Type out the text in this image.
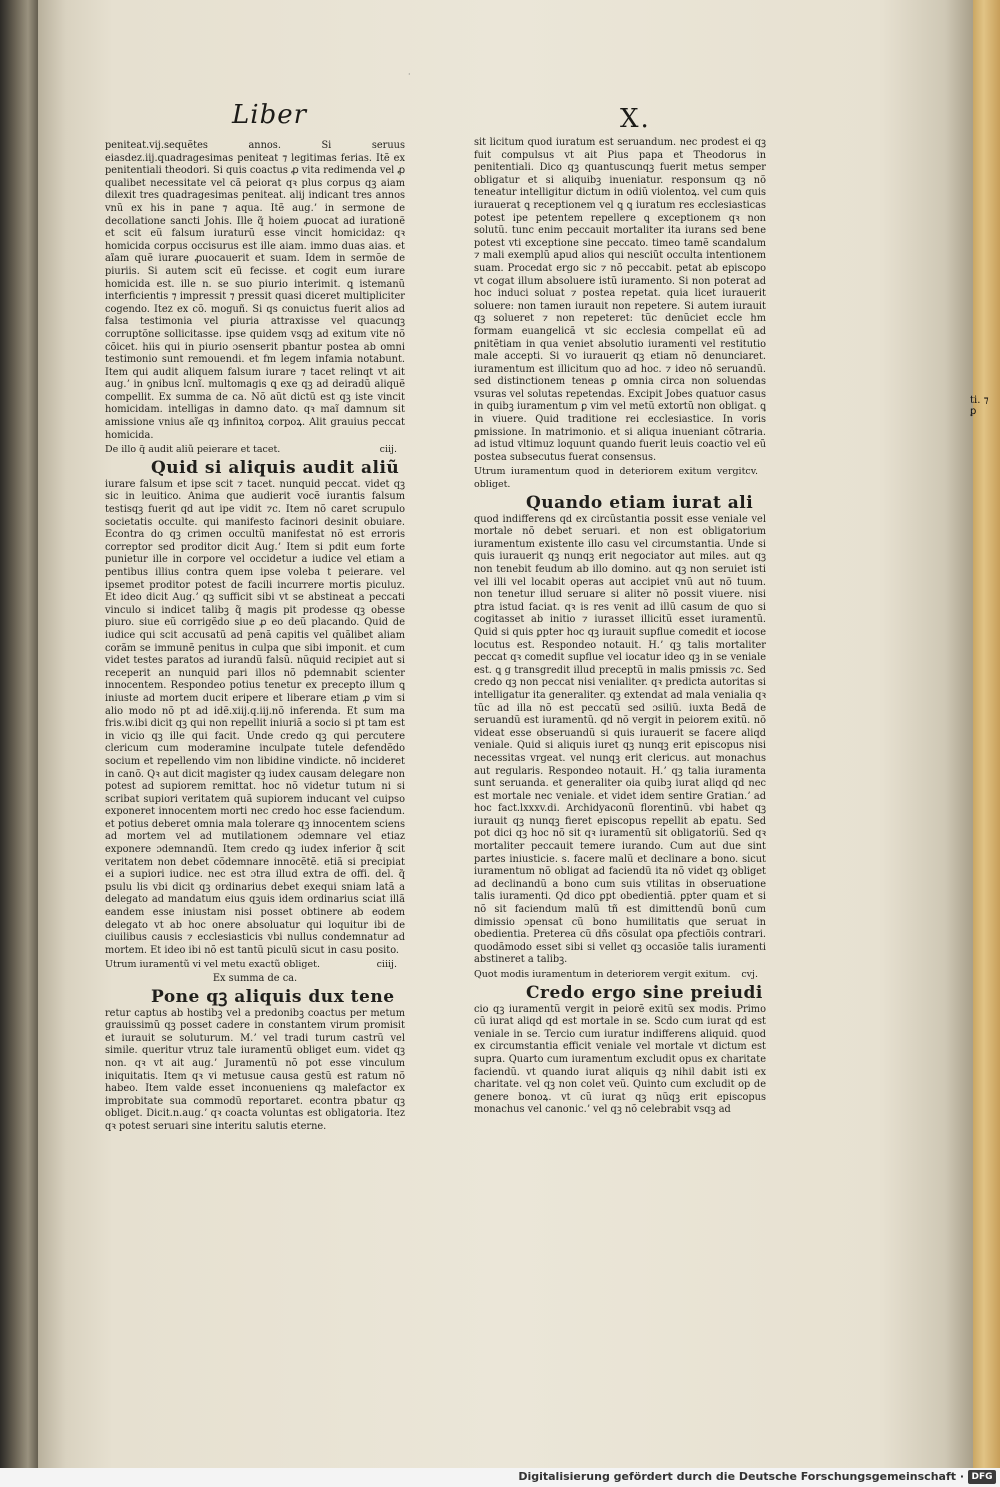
ti. ⁊ ꝑ
·
Liber	X.

peniteat.vij.sequẽtes annos. Si seruus eiasdez.iij.quadragesimas peniteat ⁊ legitimas ferias. Itẽ ex penitentiali theodori. Si quis coactus ꝓ vita redimenda vel ꝓ qualibet necessitate vel cã peiorat qꝛ plus corpus qꝫ aiam dilexit tres quadragesimas peniteat. alij indicant tres annos vnũ ex his in pane ⁊ aqua. Itẽ aug.ʼ in sermone de decollatione sancti Johis. Ille q̃ hoiem ꝓuocat ad iurationẽ et scit eũ falsum iuraturũ esse vincit homicidaz: qꝛ homicida corpus occisurus est ille aiam. immo duas aias. et aĩam quẽ iurare ꝓuocauerit et suam. Idem in sermõe de piuriis. Si autem scit eũ fecisse. et cogit eum iurare homicida est. ille n. se suo piurio interimit. ꝗ istemanũ interficientis ⁊ impressit ⁊ pressit quasi diceret multipliciter cogendo. Itez ex cõ. moguñ. Si qs conuictus fuerit alios ad falsa testimonia vel ꝑiuria attraxisse vel quacunqꝫ corruptõne sollicitasse. ipse quidem vsqꝫ ad exitum vite nõ cõicet. hiis qui in piurio ɔsenserit pbantur postea ab omni testimonio sunt remouendi. et fm legem infamia notabunt. Item qui audit aliquem falsum iurare ⁊ tacet relinqt vt ait aug.ʼ in ꝯnibus lcnĩ. multomagis ꝗ exe qꝫ ad deiradũ aliquẽ compellit. Ex summa de ca. Nõ aũt dictũ est qꝫ iste vincit homicidam. intelligas in damno dato. qꝛ maĩ damnum sit amissione vnius aĩe qꝫ infinitoꝝ corpoꝝ. Alit grauius peccat homicida.

De illo q̃ audit aliũ peierare et tacet.	ciij.
Quid si aliquis audit aliũ

iurare falsum et ipse scit ⁊ tacet. nunquid peccat. videt qꝫ sic in leuitico. Anima que audierit vocẽ iurantis falsum testisqꝫ fuerit qd aut ipe vidit ⁊c. Item nõ caret scrupulo societatis occulte. qui manifesto facinori desinit obuiare. Econtra do qꝫ crimen occultũ manifestat nõ est erroris correptor sed proditor dicit Aug.ʼ Item si pdit eum forte punietur ille in corpore vel occidetur a iudice vel etiam a pentibus illius contra quem ipse voleba t peierare. vel ipsemet proditor potest de facili incurrere mortis piculuz. Et ideo dicit Aug.ʼ qꝫ sufficit sibi vt se abstineat a peccati vinculo si indicet talibꝫ q̃ magis pit prodesse qꝫ obesse piuro. siue eũ corrigẽdo siue ꝓ eo deũ placando. Quid de iudice qui scit accusatũ ad penã capitis vel quãlibet aliam corãm se immunẽ penitus in culpa que sibi imponit. et cum videt testes paratos ad iurandũ falsũ. nũquid recipiet aut si receperit an nunquid pari illos nõ pdemnabit scienter innocentem. Respondeo potius tenetur ex precepto illum ꝗ iniuste ad mortem ducit eripere et liberare etiam ꝓ vim si alio modo nõ pt ad idẽ.xiij.q.iij.nõ inferenda. Et sum ma fris.w.ibi dicit qꝫ qui non repellit iniuriã a socio si pt tam est in vicio qꝫ ille qui facit. Unde credo qꝫ qui percutere clericum cum moderamine inculpate tutele defendẽdo socium et repellendo vim non libidine vindicte. nõ incideret in canõ. Qꝛ aut dicit magister qꝫ iudex causam delegare non potest ad supiorem remittat. hoc nõ videtur tutum ni si scribat supiori veritatem quã supiorem inducant vel cuipso exponeret innocentem morti nec credo hoc esse faciendum. et potius deberet omnia mala tolerare qꝫ innocentem sciens ad mortem vel ad mutilationem ɔdemnare vel etiaz exponere ɔdemnandũ. Item credo qꝫ iudex inferior q̃ scit veritatem non debet cõdemnare innocẽtẽ. etiã si precipiat ei a supiori iudice. nec est ɔtra illud extra de offi. del. q̃ psulu lis vbi dicit qꝫ ordinarius debet exequi sniam latã a delegato ad mandatum eius qꝫuis idem ordinarius sciat illã eandem esse iniustam nisi posset obtinere ab eodem delegato vt ab hoc onere absoluatur qui loquitur ibi de ciuilibus causis ⁊ ecclesiasticis vbi nullus condemnatur ad mortem. Et ideo ibi nõ est tantũ piculũ sicut in casu posito.

Utrum iuramentũ vi vel metu exactũ obliget.	ciiij.
Ex summa de ca.
Pone qꝫ aliquis dux tene

retur captus ab hostibꝫ vel a predonibꝫ coactus per metum grauissimũ qꝫ posset cadere in constantem virum promisit et iurauit se soluturum. M.ʼ vel tradi turum castrũ vel simile. queritur vtruz tale iuramentũ obliget eum. videt qꝫ non. qꝛ vt ait aug.ʼ Juramentũ nõ pot esse vinculum iniquitatis. Item qꝛ vi metusue causa gestũ est ratum nõ habeo. Item valde esset inconueniens qꝫ malefactor ex improbitate sua commodũ reportaret. econtra pbatur qꝫ obliget. Dicit.n.aug.ʼ qꝛ coacta voluntas est obligatoria. Itez qꝛ potest seruari sine interitu salutis eterne.

sit licitum quod iuratum est seruandum. nec prodest ei qꝫ fuit compulsus vt ait Pius papa et Theodorus in penitentiali. Dico qꝫ quantuscunqꝫ fuerit metus semper obligatur et si aliquibꝫ inueniatur. responsum qꝫ nõ teneatur intelligitur dictum in odiũ violentoꝝ. vel cum quis iurauerat ꝗ receptionem vel ꝗ ꝗ iuratum res ecclesiasticas potest ipe petentem repellere ꝗ exceptionem qꝛ non solutũ. tunc enim peccauit mortaliter ita iurans sed bene potest vti exceptione sine peccato. timeo tamẽ scandalum ⁊ mali exemplũ apud alios qui nesciũt occulta intentionem suam. Procedat ergo sic ⁊ nõ peccabit. petat ab episcopo vt cogat illum absoluere istũ iuramento. Si non poterat ad hoc induci soluat ⁊ postea repetat. quia licet iurauerit soluere: non tamen iurauit non repetere. Si autem iurauit qꝫ solueret ⁊ non repeteret: tũc denũciet eccle hm formam euangelicã vt sic ecclesia compellat eũ ad ꝑnitẽtiam in qua veniet absolutio iuramenti vel restitutio male accepti. Si vo iurauerit qꝫ etiam nõ denunciaret. iuramentum est illicitum quo ad hoc. ⁊ ideo nõ seruandũ. sed distinctionem teneas ꝑ omnia circa non soluendas vsuras vel solutas repetendas. Excipit Jobes quatuor casus in quibꝫ iuramentum ꝑ vim vel metũ extortũ non obligat. ꝗ in viuere. Quid traditione rei ecclesiastice. In voris ꝑmissione. In matrimonio. et si aliqua inueniant cõtraria. ad istud vltimuz loquunt quando fuerit leuis coactio vel eũ postea subsecutus fuerat consensus.

Utrum iuramentum quod in deteriorem exitum vergit obliget.
cv.
Quando etiam iurat ali

quod indifferens qd ex circũstantia possit esse veniale vel mortale nõ debet seruari. et non est obligatorium iuramentum existente illo casu vel circumstantia. Unde si quis iurauerit qꝫ nunqꝫ erit negociator aut miles. aut qꝫ non tenebit feudum ab illo domino. aut qꝫ non seruiet isti vel illi vel locabit operas aut accipiet vnũ aut nõ tuum. non tenetur illud seruare si aliter nõ possit viuere. nisi ꝑtra istud faciat. qꝛ is res venit ad illũ casum de quo si cogitasset ab initio ⁊ iurasset illicitũ esset iuramentũ. Quid si quis ꝑpter hoc qꝫ iurauit supflue comedit et iocose locutus est. Respondeo notauit. H.ʼ qꝫ talis mortaliter peccat qꝛ comedit supflue vel iocatur ideo qꝫ in se veniale est. ꝗ g transgredit illud preceptũ in malis pmissis ⁊c. Sed credo qꝫ non peccat nisi venialiter. qꝛ predicta autoritas si intelligatur ita generaliter. qꝫ extendat ad mala venialia qꝛ tũc ad illa nõ est peccatũ sed ɔsiliũ. iuxta Bedã de seruandũ est iuramentũ. qd nõ vergit in peiorem exitũ. nõ videat esse obseruandũ si quis iurauerit se facere aliqd veniale. Quid si aliquis iuret qꝫ nunqꝫ erit episcopus nisi necessitas vrgeat. vel nunqꝫ erit clericus. aut monachus aut regularis. Respondeo notauit. H.ʼ qꝫ talia iuramenta sunt seruanda. et generaliter oia quibꝫ iurat aliqd qd nec est mortale nec veniale. et videt idem sentire Gratian.ʼ ad hoc fact.lxxxv.di. Archidyaconũ florentinũ. vbi habet qꝫ iurauit qꝫ nunqꝫ fieret episcopus repellit ab epatu. Sed pot dici qꝫ hoc nõ sit qꝛ iuramentũ sit obligatoriũ. Sed qꝛ mortaliter peccauit temere iurando. Cum aut due sint partes iniusticie. s. facere malũ et declinare a bono. sicut iuramentum nõ obligat ad faciendũ ita nõ videt qꝫ obliget ad declinandũ a bono cum suis vtilitas in obseruatione talis iuramenti. Qd dico ꝑpt obedientiã. ꝑpter quam et si nõ sit faciendum malũ tñ est dimittendũ bonũ cum dimissio ɔpensat cũ bono humilitatis que seruat in obedientia. Preterea cũ dñs cõsulat opa ꝑfectiõis contrari. quodãmodo esset sibi si vellet qꝫ occasiõe talis iuramenti abstineret a talibꝫ.

Quot modis iuramentum in deteriorem vergit exitum. cvj.
Credo ergo sine preiudi

cio qꝫ iuramentũ vergit in peiorẽ exitũ sex modis. Primo cũ iurat aliqd qd est mortale in se. Scdo cum iurat qd est veniale in se. Tercio cum iuratur indifferens aliquid. quod ex circumstantia efficit veniale vel mortale vt dictum est supra. Quarto cum iuramentum excludit opus ex charitate faciendũ. vt quando iurat aliquis qꝫ nihil dabit isti ex charitate. vel qꝫ non colet veũ. Quinto cum excludit op de genere bonoꝝ. vt cũ iurat qꝫ nũqꝫ erit episcopus monachus vel canonic.ʼ vel qꝫ nõ celebrabit vsqꝫ ad

Digitalisierung gefördert durch die Deutsche Forschungsgemeinschaft · DFG
